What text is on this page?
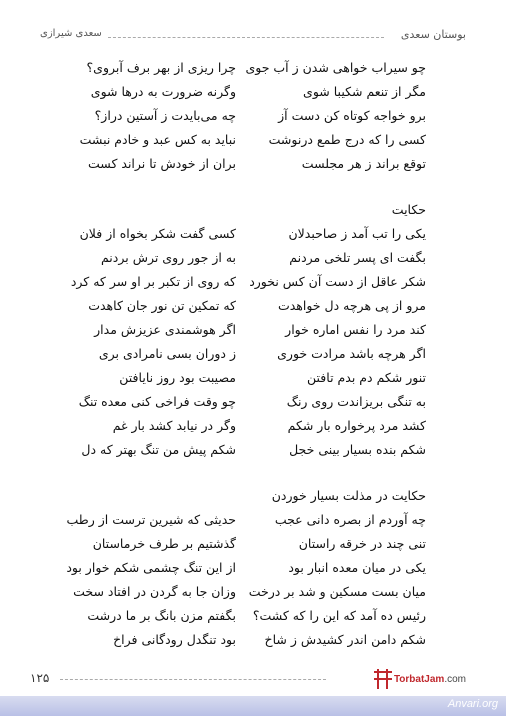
بوستان سعدی
سعدی شیرازی
چو سیراب خواهی شدن ز آب جوی
چرا ریزی از بهر برف آبروی؟
مگر از تنعم شکیبا شوی
وگرنه ضرورت به درها شوی
برو خواجه کوتاه کن دست آز
چه می‌بایدت ز آستین دراز؟
کسی را که درج طمع درنوشت
نباید به کس عبد و خادم نبشت
توقع براند ز هر مجلست
بران از خودش تا نراند کست
حکایت
یکی را تب آمد ز صاحبدلان
کسی گفت شکر بخواه از فلان
بگفت ای پسر تلخی مردنم
به از جور روی ترش بردنم
شکر عاقل از دست آن کس نخورد
که روی از تکبر بر او سر که کرد
مرو از پی هرچه دل خواهدت
که تمکین تن نور جان کاهدت
کند مرد را نفس اماره خوار
اگر هوشمندی عزیزش مدار
اگر هرچه باشد مرادت خوری
ز دوران بسی نامرادی بری
تنور شکم دم بدم تافتن
مصیبت بود روز نایافتن
به تنگی بریزاندت روی رنگ
چو وقت فراخی کنی معده تنگ
کشد مرد پرخواره بار شکم
وگر در نیابد کشد بار غم
شکم بنده بسیار بینی خجل
شکم پیش من تنگ بهتر که دل
حکایت در مذلت بسیار خوردن
چه آوردم از بصره دانی عجب
حدیثی که شیرین ترست از رطب
تنی چند در خرقه راستان
گذشتیم بر طرف خرماستان
یکی در میان معده انبار بود
از این تنگ چشمی شکم خوار بود
میان بست مسکین و شد بر درخت
وزان جا به گردن در افتاد سخت
رئیس ده آمد که این را که کشت؟
بگفتم مزن بانگ بر ما درشت
شکم دامن اندر کشیدش ز شاخ
بود تنگدل رودگانی فراخ
۱۲۵	TorbatJam.com
Anvari.org
